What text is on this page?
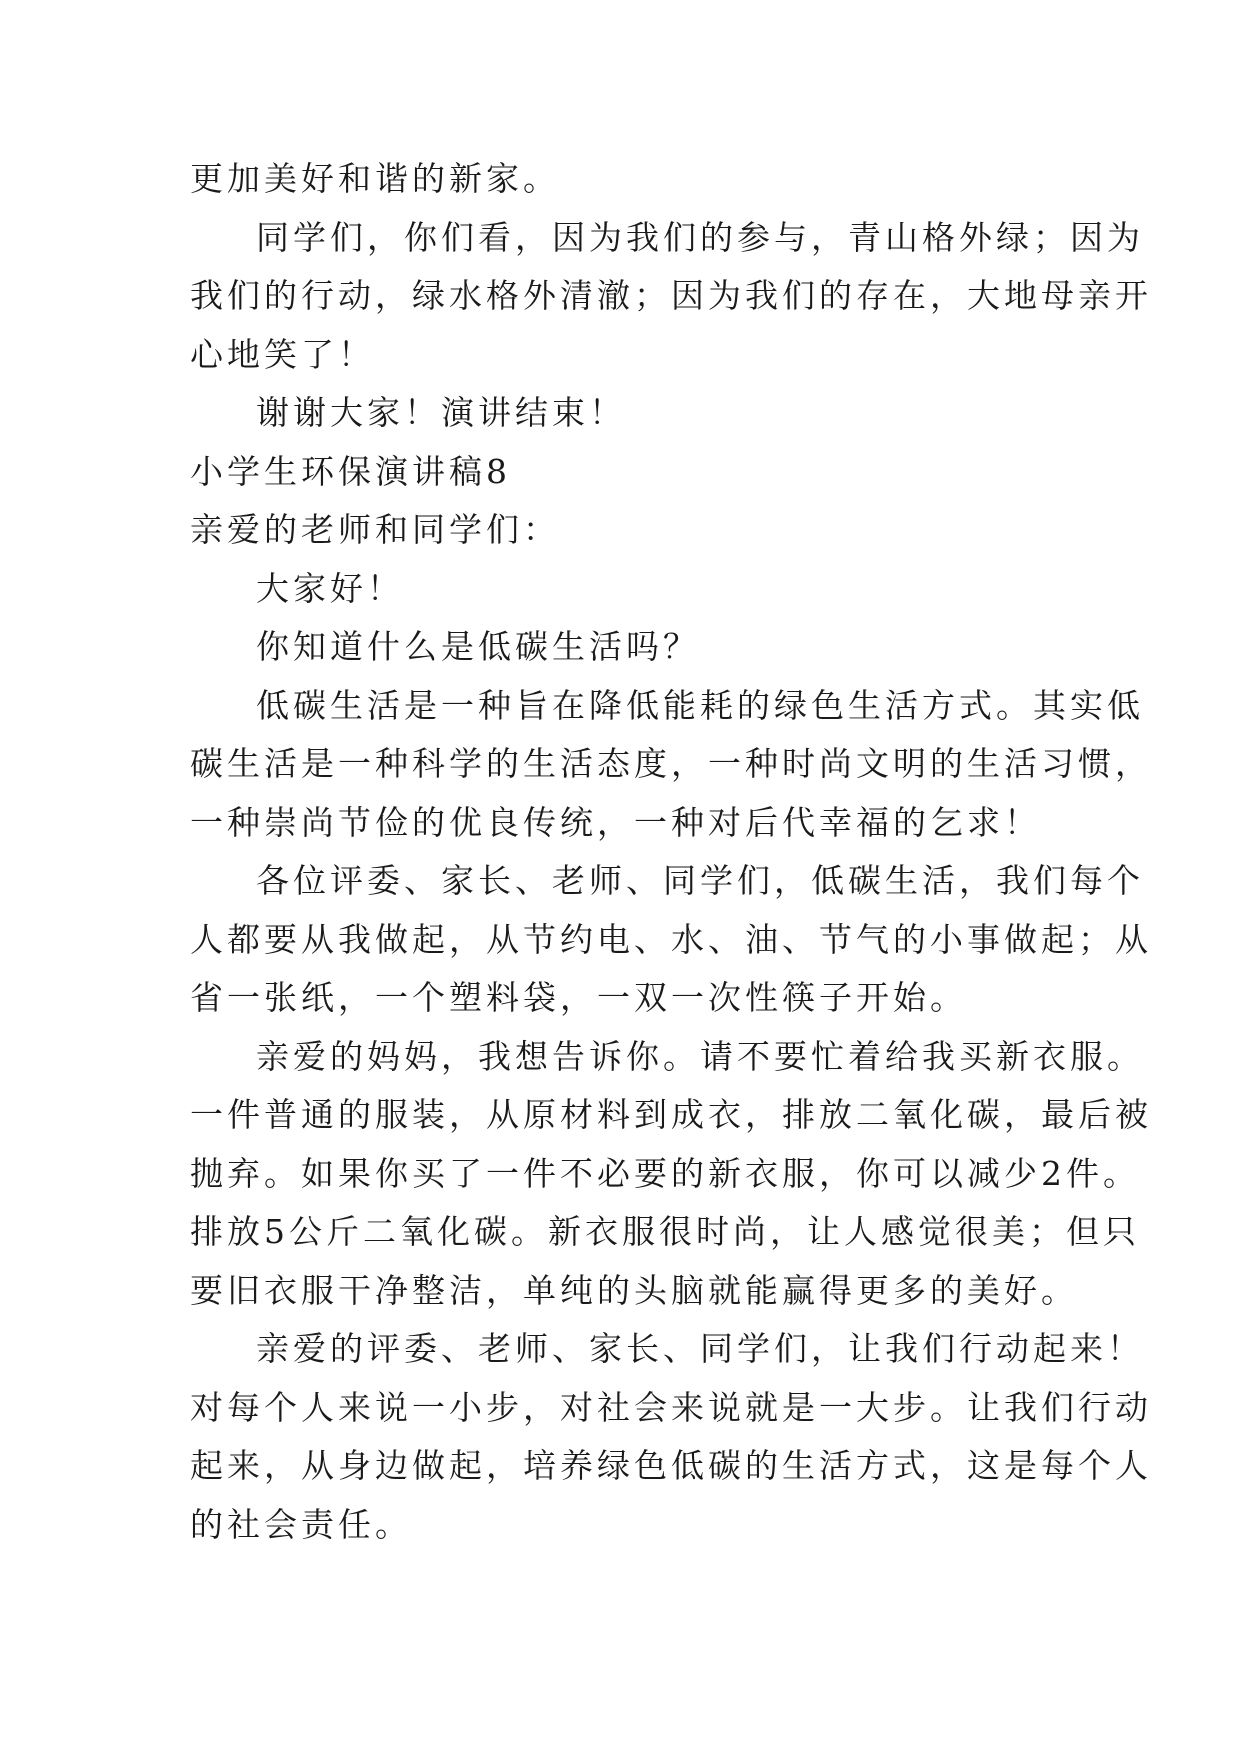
更加美好和谐的新家。
同学们，你们看，因为我们的参与，青山格外绿；因为
我们的行动，绿水格外清澈；因为我们的存在，大地母亲开
心地笑了！
谢谢大家！演讲结束！
小学生环保演讲稿8
亲爱的老师和同学们：
大家好！
你知道什么是低碳生活吗？
低碳生活是一种旨在降低能耗的绿色生活方式。其实低
碳生活是一种科学的生活态度，一种时尚文明的生活习惯，
一种崇尚节俭的优良传统，一种对后代幸福的乞求！
各位评委、家长、老师、同学们，低碳生活，我们每个
人都要从我做起，从节约电、水、油、节气的小事做起；从
省一张纸，一个塑料袋，一双一次性筷子开始。
亲爱的妈妈，我想告诉你。请不要忙着给我买新衣服。
一件普通的服装，从原材料到成衣，排放二氧化碳，最后被
抛弃。如果你买了一件不必要的新衣服，你可以减少2件。
排放5公斤二氧化碳。新衣服很时尚，让人感觉很美；但只
要旧衣服干净整洁，单纯的头脑就能赢得更多的美好。
亲爱的评委、老师、家长、同学们，让我们行动起来！
对每个人来说一小步，对社会来说就是一大步。让我们行动
起来，从身边做起，培养绿色低碳的生活方式，这是每个人
的社会责任。
